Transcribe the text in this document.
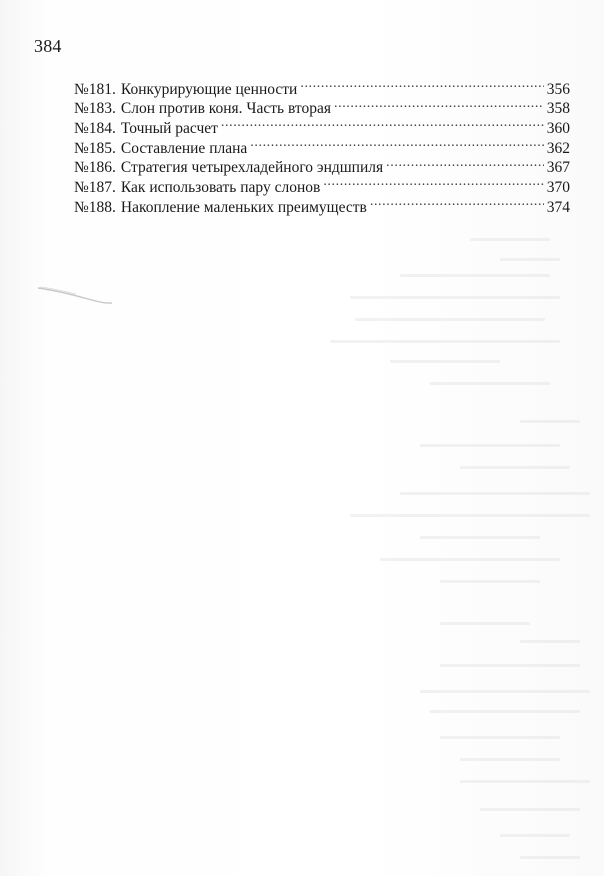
384
№181. Конкурирующие ценности .....	356
№183. Слон против коня. Часть вторая .....	358
№184. Точный расчет .....	360
№185. Составление плана .....	362
№186. Стратегия четырехладейного эндшпиля .....	367
№187. Как использовать пару слонов .....	370
№188. Накопление маленьких преимуществ .....	374
